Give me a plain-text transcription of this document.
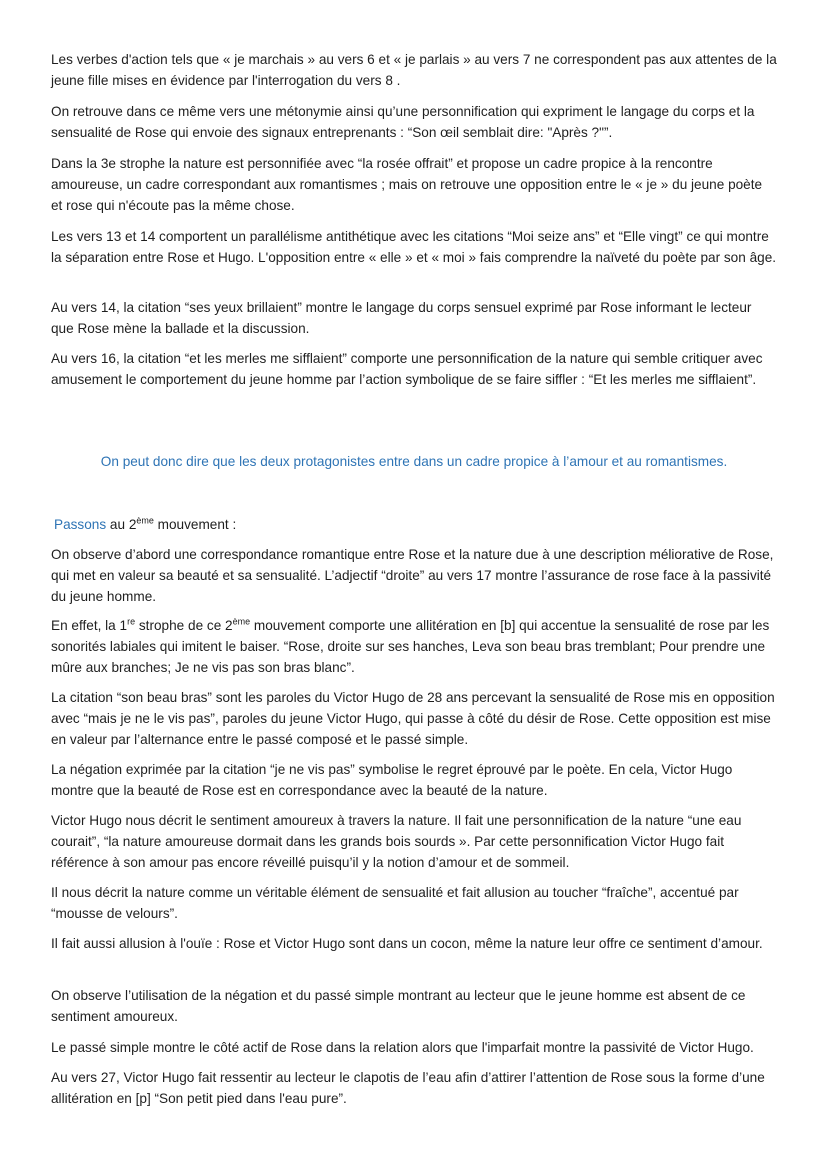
Les verbes d'action tels que « je marchais » au vers 6 et « je parlais » au vers 7 ne correspondent pas aux attentes de la jeune fille mises en évidence par l'interrogation du vers 8 .

On retrouve dans ce même vers une métonymie ainsi qu’une personnification qui expriment le langage du corps et la sensualité de Rose qui envoie des signaux entreprenants : “Son œil semblait dire: "Après ?"”.

Dans la 3e strophe la nature est personnifiée avec “la rosée offrait” et propose un cadre propice à la rencontre amoureuse, un cadre correspondant aux romantismes ; mais on retrouve une opposition entre le « je » du jeune poète et rose qui n'écoute pas la même chose.

Les vers 13 et 14 comportent un parallélisme antithétique avec les citations “Moi seize ans” et “Elle vingt” ce qui montre la séparation entre Rose et Hugo. L'opposition entre « elle » et « moi » fais comprendre la naïveté du poète par son âge.

Au vers 14, la citation “ses yeux brillaient” montre le langage du corps sensuel exprimé par Rose informant le lecteur que Rose mène la ballade et la discussion.

Au vers 16, la citation “et les merles me sifflaient” comporte une personnification de la nature qui semble critiquer avec amusement le comportement du jeune homme par l’action symbolique de se faire siffler : “Et les merles me sifflaient”.

On peut donc dire que les deux protagonistes entre dans un cadre propice à l’amour et au romantismes.

Passons au 2ème mouvement :

On observe d’abord une correspondance romantique entre Rose et la nature due à une description méliorative de Rose, qui met en valeur sa beauté et sa sensualité. L’adjectif “droite” au vers 17 montre l’assurance de rose face à la passivité du jeune homme.

En effet, la 1re strophe de ce 2ème mouvement comporte une allitération en [b] qui accentue la sensualité de rose par les sonorités labiales qui imitent le baiser. “Rose, droite sur ses hanches, Leva son beau bras tremblant; Pour prendre une mûre aux branches; Je ne vis pas son bras blanc”.

La citation “son beau bras” sont les paroles du Victor Hugo de 28 ans percevant la sensualité de Rose mis en opposition avec “mais je ne le vis pas”, paroles du jeune Victor Hugo, qui passe à côté du désir de Rose. Cette opposition est mise en valeur par l’alternance entre le passé composé et le passé simple.

La négation exprimée par la citation “je ne vis pas” symbolise le regret éprouvé par le poète. En cela, Victor Hugo montre que la beauté de Rose est en correspondance avec la beauté de la nature.

Victor Hugo nous décrit le sentiment amoureux à travers la nature. Il fait une personnification de la nature “une eau courait”, “la nature amoureuse dormait dans les grands bois sourds ». Par cette personnification Victor Hugo fait référence à son amour pas encore réveillé puisqu’il y la notion d’amour et de sommeil.

Il nous décrit la nature comme un véritable élément de sensualité et fait allusion au toucher “fraîche”, accentué par “mousse de velours”.

Il fait aussi allusion à l'ouïe : Rose et Victor Hugo sont dans un cocon, même la nature leur offre ce sentiment d’amour.

On observe l’utilisation de la négation et du passé simple montrant au lecteur que le jeune homme est absent de ce sentiment amoureux.

Le passé simple montre le côté actif de Rose dans la relation alors que l'imparfait montre la passivité de Victor Hugo.

Au vers 27, Victor Hugo fait ressentir au lecteur le clapotis de l’eau afin d’attirer l’attention de Rose sous la forme d’une allitération en [p] “Son petit pied dans l'eau pure”.
